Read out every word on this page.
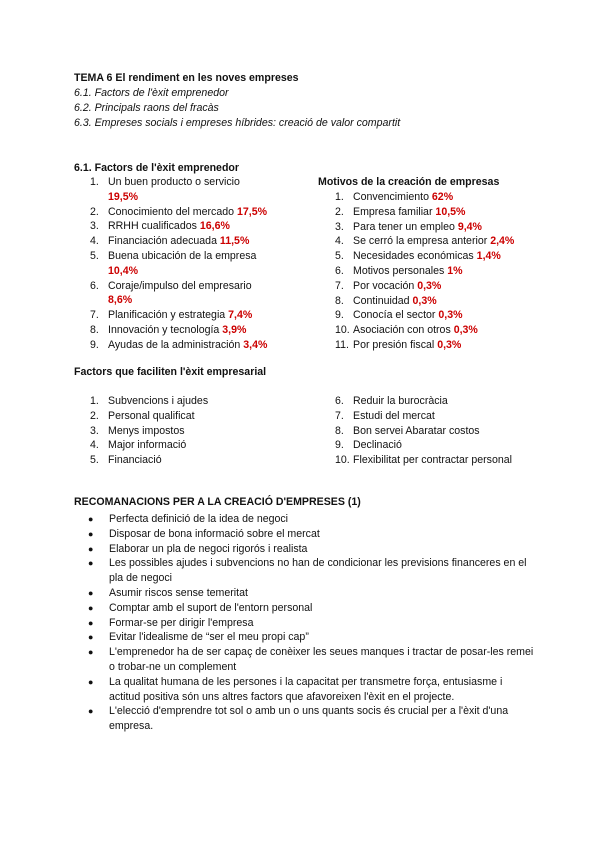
TEMA 6 El rendiment en les noves empreses
6.1. Factors de l'èxit emprenedor
6.2. Principals raons del fracàs
6.3. Empreses socials i empreses híbrides: creació de valor compartit
6.1. Factors de l'èxit emprenedor
Motivos de la creación de empresas
1. Un buen producto o servicio
19,5%
2. Conocimiento del mercado 17,5%
3. RRHH cualificados 16,6%
4. Financiación adecuada 11,5%
5. Buena ubicación de la empresa
10,4%
6. Coraje/impulso del empresario
8,6%
7. Planificación y estrategia 7,4%
8. Innovación y tecnología 3,9%
9. Ayudas de la administración 3,4%
1. Convencimiento 62%
2. Empresa familiar 10,5%
3. Para tener un empleo 9,4%
4. Se cerró la empresa anterior 2,4%
5. Necesidades económicas 1,4%
6. Motivos personales 1%
7. Por vocación 0,3%
8. Continuidad 0,3%
9. Conocía el sector 0,3%
10. Asociación con otros 0,3%
11. Por presión fiscal 0,3%
Factors que faciliten l'èxit empresarial
1. Subvencions i ajudes
2. Personal qualificat
3. Menys impostos
4. Major informació
5. Financiació
6. Reduir la burocràcia
7. Estudi del mercat
8. Bon servei Abaratar costos
9. Declinació
10. Flexibilitat per contractar personal
RECOMANACIONS PER A LA CREACIÓ D'EMPRESES (1)
● Perfecta definició de la idea de negoci
● Disposar de bona informació sobre el mercat
● Elaborar un pla de negoci rigorós i realista
● Les possibles ajudes i subvencions no han de condicionar les previsions financeres en el pla de negoci
● Asumir riscos sense temeritat
● Comptar amb el suport de l'entorn personal
● Formar-se per dirigir l'empresa
● Evitar l'idealisme de “ser el meu propi cap”
● L'emprenedor ha de ser capaç de conèixer les seues manques i tractar de posar-les remei o trobar-ne un complement
● La qualitat humana de les persones i la capacitat per transmetre força, entusiasme i actitud positiva són uns altres factors que afavoreixen l'èxit en el projecte.
● L'elecció d'emprendre tot sol o amb un o uns quants socis és crucial per a l'èxit d'una empresa.
